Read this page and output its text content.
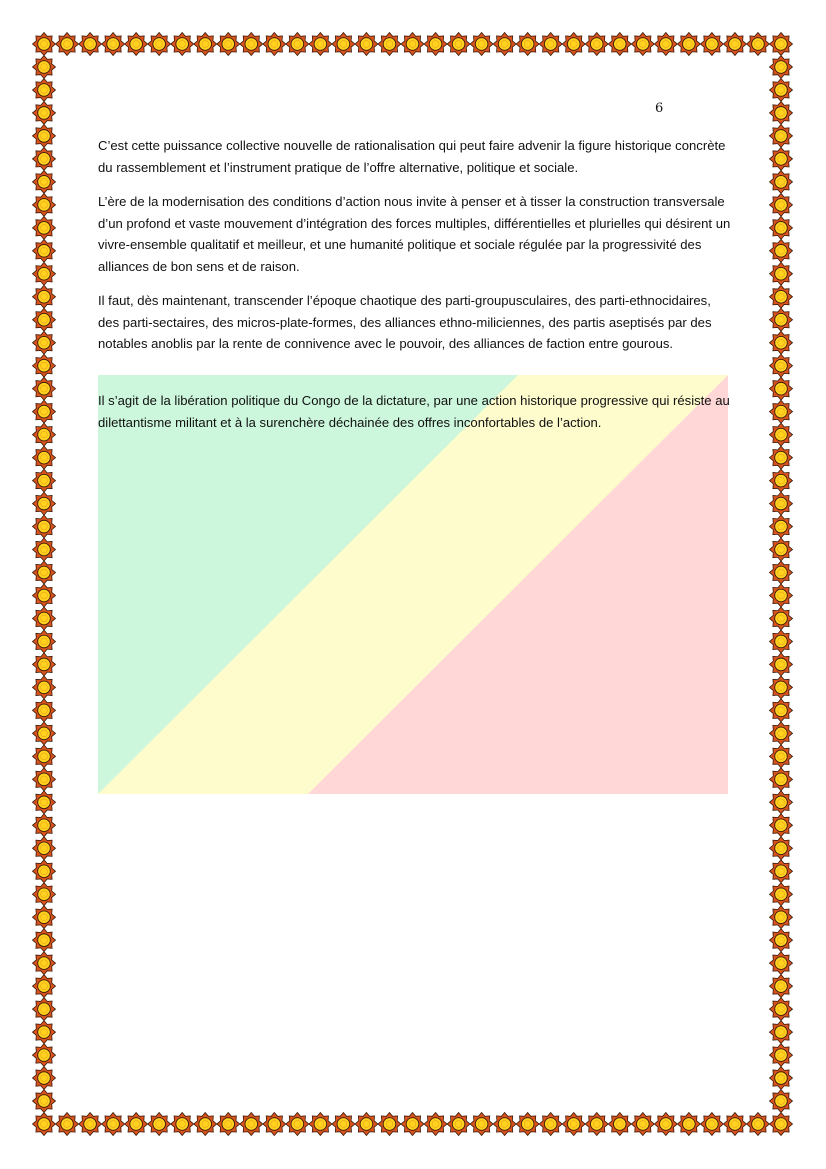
6

C’est cette puissance collective nouvelle de rationalisation qui peut faire advenir la figure historique concrète du rassemblement et l’instrument pratique de l’offre alternative, politique et sociale.

L’ère de la modernisation des conditions d’action nous invite à penser et à tisser la construction transversale d’un profond et vaste mouvement d’intégration des forces multiples, différentielles et plurielles qui désirent un vivre-ensemble qualitatif et meilleur, et une humanité politique et sociale régulée par la progressivité des alliances de bon sens et de raison.

Il faut, dès maintenant, transcender l’époque chaotique des parti-groupusculaires, des parti-ethnocidaires, des parti-sectaires, des micros-plate-formes, des alliances ethno-miliciennes, des partis aseptisés par des notables anoblis par la rente de connivence avec le pouvoir, des alliances de faction entre gourous.

Il s’agit de la libération politique du Congo de la dictature, par une action historique progressive qui résiste au dilettantisme militant et à la surenchère déchainée des offres inconfortables de l’action.
